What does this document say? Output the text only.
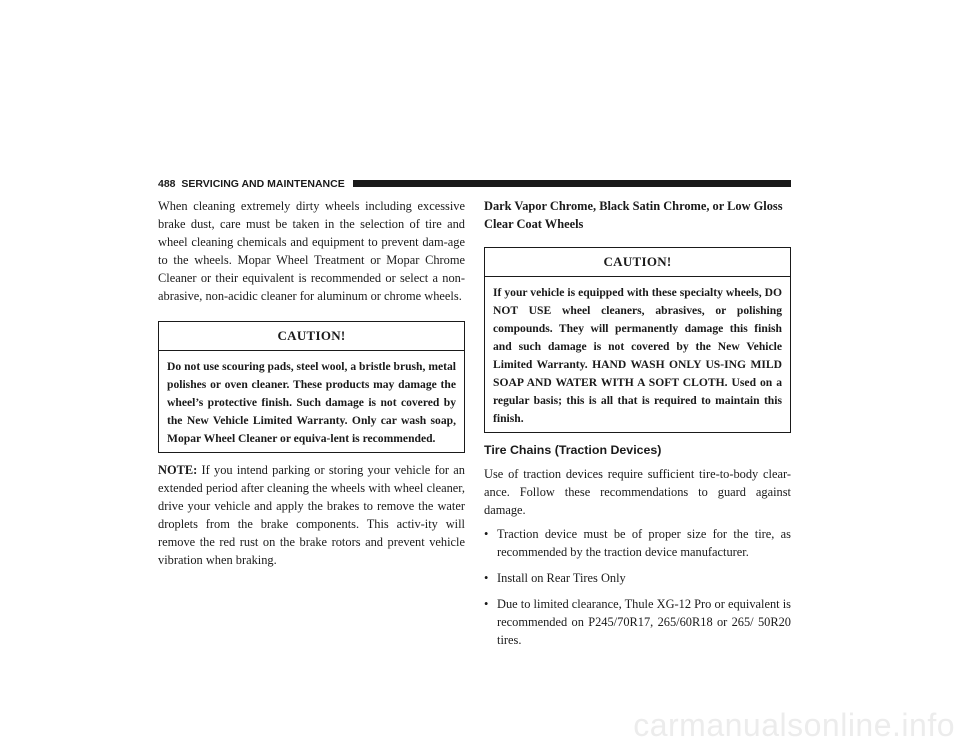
488 SERVICING AND MAINTENANCE

When cleaning extremely dirty wheels including excessive brake dust, care must be taken in the selection of tire and wheel cleaning chemicals and equipment to prevent dam-age to the wheels. Mopar Wheel Treatment or Mopar Chrome Cleaner or their equivalent is recommended or select a non-abrasive, non-acidic cleaner for aluminum or chrome wheels.

CAUTION!
Do not use scouring pads, steel wool, a bristle brush, metal polishes or oven cleaner. These products may damage the wheel’s protective finish. Such damage is not covered by the New Vehicle Limited Warranty. Only car wash soap, Mopar Wheel Cleaner or equiva-lent is recommended.

NOTE: If you intend parking or storing your vehicle for an extended period after cleaning the wheels with wheel cleaner, drive your vehicle and apply the brakes to remove the water droplets from the brake components. This activ-ity will remove the red rust on the brake rotors and prevent vehicle vibration when braking.

Dark Vapor Chrome, Black Satin Chrome, or Low Gloss Clear Coat Wheels

CAUTION!
If your vehicle is equipped with these specialty wheels, DO NOT USE wheel cleaners, abrasives, or polishing compounds. They will permanently damage this finish and such damage is not covered by the New Vehicle Limited Warranty. HAND WASH ONLY US-ING MILD SOAP AND WATER WITH A SOFT CLOTH. Used on a regular basis; this is all that is required to maintain this finish.

Tire Chains (Traction Devices)

Use of traction devices require sufficient tire-to-body clear-ance. Follow these recommendations to guard against damage.

• Traction device must be of proper size for the tire, as recommended by the traction device manufacturer.
• Install on Rear Tires Only
• Due to limited clearance, Thule XG-12 Pro or equivalent is recommended on P245/70R17, 265/60R18 or 265/ 50R20 tires.
carmanualsonline.info
